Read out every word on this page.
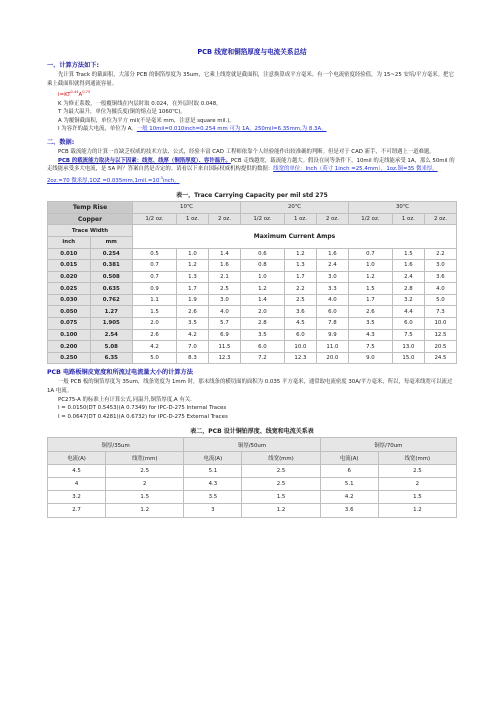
PCB 线宽和铜箔厚度与电流关系总结
一、计算方法如下:

先计算 Track 的截面积，大部分 PCB 的铜箔厚度为 35um，它乘上线宽就是截面积，注意换算成平方毫米。有一个电流密度经验值，为 15~25 安培/平方毫米。把它乘上截面积就得到通流容量。

$I=KT^{0.44}A^{0.75}$

K 为修正系数，一般覆铜线在内层时取 0.024，在外层时取 0.048。

T 为最大温升，单位为摄氏度(铜的熔点是 1060℃)。

A 为覆铜截面积，单位为平方 mil(不是毫米 mm，注意是 square mil.)。

I 为容许的最大电流，单位为 A。一般 10mil=0.010inch=0.254 mm 可为 1A，250mil=6.35mm,为 8.3A。

二、数据:

PCB 载流能力的计算一直缺乏权威的技术方法、公式，经验丰富 CAD 工程师依靠个人经验能作出较准确的判断。但是对于 CAD 新手，不可谓遇上一道难题。

PCB 的载流能力取决与以下因素：线宽、线厚（铜箔厚度）、容许温升。PCB 走线越宽，载流能力越大。假设在同等条件下，10mil 的走线能承受 1A，那么 50mil 的走线能承受多大电流，是 5A 吗？答案自然是否定的。请看以下来自国际权威机构提供的数据：线宽的单位：Inch（英寸 1inch =25.4mm），1oz.铜=35 微米厚，2oz.=70 微米厚$,1OZ =0.035mm,1mil.=10^{-3}inch$。

表一，Trace Carrying Capacity per mil std 275
Temp Rise		10℃			20℃			30℃		
Copper		1/2 oz.	1 oz.	2 oz.	1/2 oz.	1 oz.	2 oz.	1/2 oz.	1 oz.	2 oz.
Trace Width		Maximum Current Amps								
inch	mm									
0.010	0.254	0.5	1.0	1.4	0.6	1.2	1.6	0.7	1.5	2.2
0.015	0.381	0.7	1.2	1.6	0.8	1.3	2.4	1.0	1.6	3.0
0.020	0.508	0.7	1.3	2.1	1.0	1.7	3.0	1.2	2.4	3.6
0.025	0.635	0.9	1.7	2.5	1.2	2.2	3.3	1.5	2.8	4.0
0.030	0.762	1.1	1.9	3.0	1.4	2.5	4.0	1.7	3.2	5.0
0.050	1.27	1.5	2.6	4.0	2.0	3.6	6.0	2.6	4.4	7.3
0.075	1.905	2.0	3.5	5.7	2.8	4.5	7.8	3.5	6.0	10.0
0.100	2.54	2.6	4.2	6.9	3.5	6.0	9.9	4.3	7.5	12.5
0.200	5.08	4.2	7.0	11.5	6.0	10.0	11.0	7.5	13.0	20.5
0.250	6.35	5.0	8.3	12.3	7.2	12.3	20.0	9.0	15.0	24.5
PCB 电路板铜皮宽度和所流过电流量大小的计算方法

一般 PCB 板的铜箔厚度为 35um，线条宽度为 1mm 时，那末线条的横切面的面积为 0.035 平方毫米，通常取电流密度 30A/平方毫米，所以，每毫米线宽可以流过 1A 电流。

PC275-A 的标准上有计算公式,同温升,铜箔厚度,A 有关.

I = 0.0150(DT 0.5453)(A 0.7349) for IPC-D-275 Internal Traces

I = 0.0647(DT 0.4281)(A 0.6732) for IPC-D-275 External Traces

表二，PCB 设计铜铂厚度、线宽和电流关系表
铜厚/35um		铜厚/50um		铜厚/70um	
电流(A)	线宽(mm)	电流(A)	线宽(mm)	电流(A)	线宽(mm)
4.5	2.5	5.1	2.5	6	2.5
4	2	4.3	2.5	5.1	2
3.2	1.5	3.5	1.5	4.2	1.5
2.7	1.2	3	1.2	3.6	1.2
